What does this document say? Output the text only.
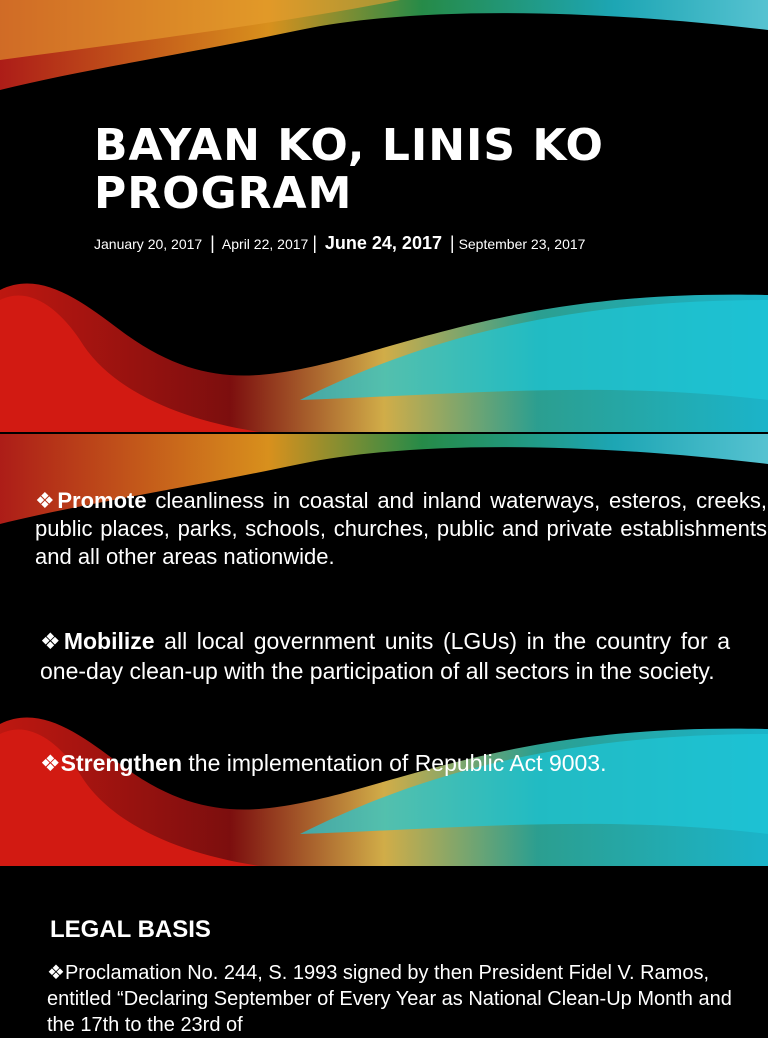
BAYAN KO, LINIS KO
PROGRAM
January 20, 2017 | April 22, 2017 | June 24, 2017 | September 23, 2017
❖Promote cleanliness in coastal and inland waterways, esteros, creeks, public places, parks, schools, churches, public and private establishments and all other areas nationwide.
❖Mobilize all local government units (LGUs) in the country for a one-day clean-up with the participation of all sectors in the society.
❖Strengthen the implementation of Republic Act 9003.
LEGAL BASIS
❖Proclamation No. 244, S. 1993 signed by then President Fidel V. Ramos, entitled “Declaring September of Every Year as National Clean-Up Month and the 17th to the 23rd of
